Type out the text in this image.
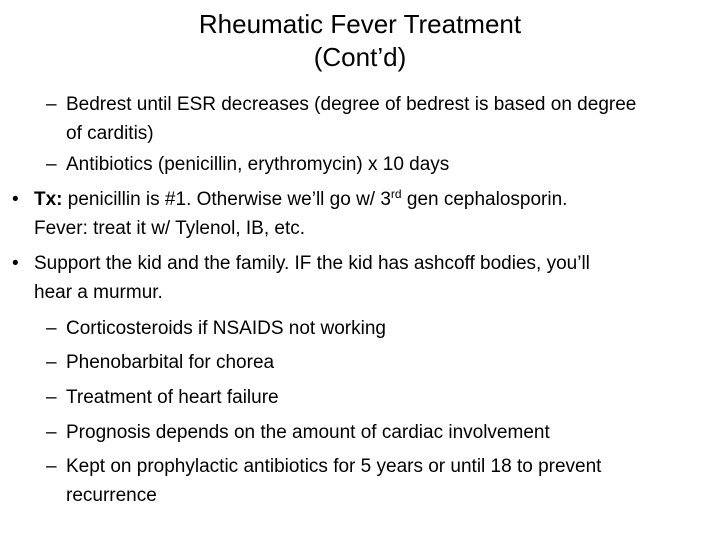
Rheumatic Fever Treatment
(Cont’d)
– Bedrest until ESR decreases (degree of bedrest is based on degree
of carditis)
– Antibiotics (penicillin, erythromycin) x 10 days
• Tx: penicillin is #1. Otherwise we’ll go w/ 3rd gen cephalosporin.
Fever: treat it w/ Tylenol, IB, etc.
• Support the kid and the family. IF the kid has ashcoff bodies, you’ll
hear a murmur.
– Corticosteroids if NSAIDS not working
– Phenobarbital for chorea
– Treatment of heart failure
– Prognosis depends on the amount of cardiac involvement
– Kept on prophylactic antibiotics for 5 years or until 18 to prevent
recurrence
